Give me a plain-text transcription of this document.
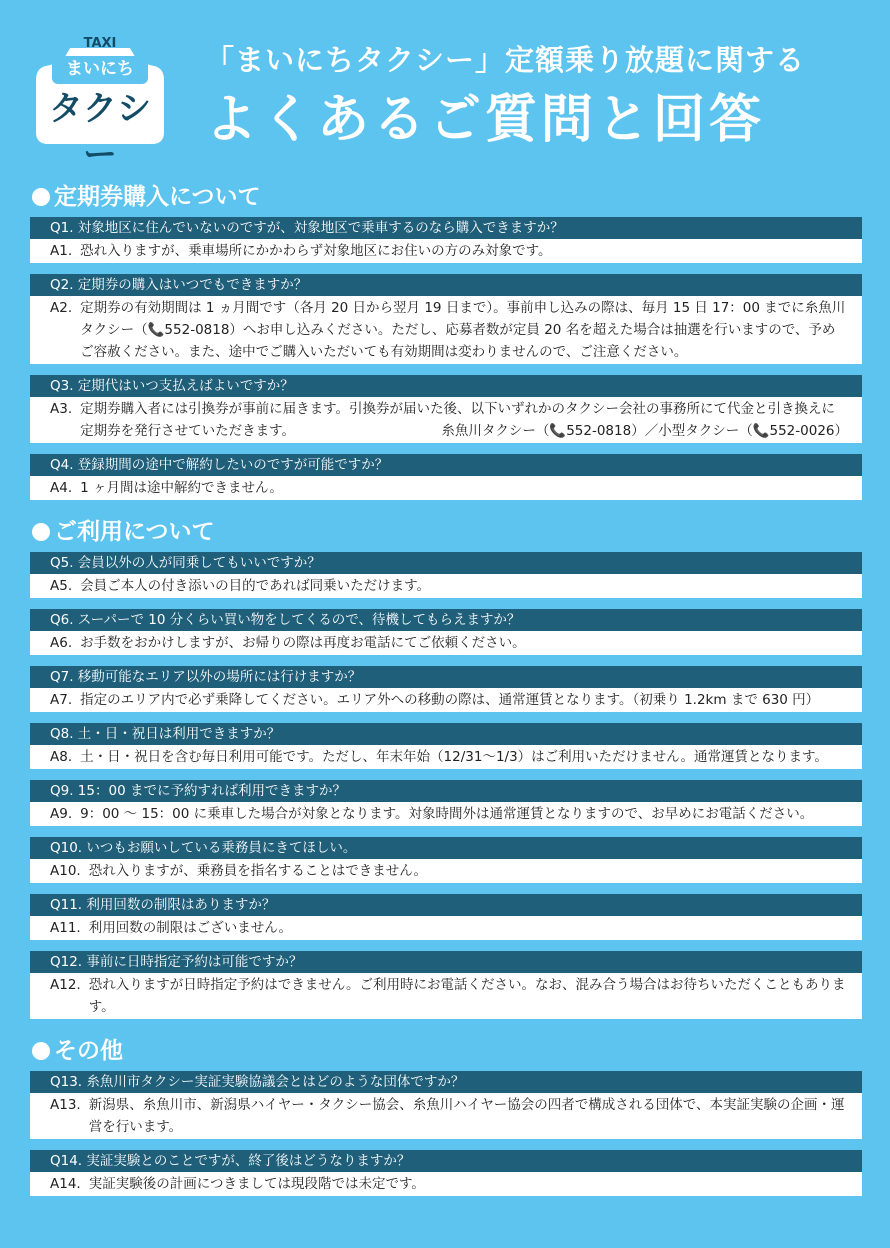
TAXI
まいにち
タクシー
「まいにちタクシー」定額乗り放題に関する
よくあるご質問と回答
定期券購入について
Q1. 対象地区に住んでいないのですが、対象地区で乗車するのなら購入できますか？
A1. 恐れ入りますが、乗車場所にかかわらず対象地区にお住いの方のみ対象です。
Q2. 定期券の購入はいつでもできますか？
A2. 定期券の有効期間は 1 ヵ月間です（各月 20 日から翌月 19 日まで）。事前申し込みの際は、毎月 15 日 17：00 までに糸魚川タクシー（📞552-0818）へお申し込みください。ただし、応募者数が定員 20 名を超えた場合は抽選を行いますので、予めご容赦ください。また、途中でご購入いただいても有効期間は変わりませんので、ご注意ください。
Q3. 定期代はいつ支払えばよいですか？
A3. 定期券購入者には引換券が事前に届きます。引換券が届いた後、以下いずれかのタクシー会社の事務所にて代金と引き換えに定期券を発行させていただきます。	糸魚川タクシー（📞552-0818）／小型タクシー（📞552-0026）
Q4. 登録期間の途中で解約したいのですが可能ですか？
A4. 1 ヶ月間は途中解約できません。
ご利用について
Q5. 会員以外の人が同乗してもいいですか？
A5. 会員ご本人の付き添いの目的であれば同乗いただけます。
Q6. スーパーで 10 分くらい買い物をしてくるので、待機してもらえますか？
A6. お手数をおかけしますが、お帰りの際は再度お電話にてご依頼ください。
Q7. 移動可能なエリア以外の場所には行けますか？
A7. 指定のエリア内で必ず乗降してください。エリア外への移動の際は、通常運賃となります。（初乗り 1.2km まで 630 円）
Q8. 土・日・祝日は利用できますか？
A8. 土・日・祝日を含む毎日利用可能です。ただし、年末年始（12/31～1/3）はご利用いただけません。通常運賃となります。
Q9. 15：00 までに予約すれば利用できますか？
A9. 9：00 ～ 15：00 に乗車した場合が対象となります。対象時間外は通常運賃となりますので、お早めにお電話ください。
Q10. いつもお願いしている乗務員にきてほしい。
A10. 恐れ入りますが、乗務員を指名することはできません。
Q11. 利用回数の制限はありますか？
A11. 利用回数の制限はございません。
Q12. 事前に日時指定予約は可能ですか？
A12. 恐れ入りますが日時指定予約はできません。ご利用時にお電話ください。なお、混み合う場合はお待ちいただくこともあります。
その他
Q13. 糸魚川市タクシー実証実験協議会とはどのような団体ですか？
A13. 新潟県、糸魚川市、新潟県ハイヤー・タクシー協会、糸魚川ハイヤー協会の四者で構成される団体で、本実証実験の企画・運営を行います。
Q14. 実証実験とのことですが、終了後はどうなりますか？
A14. 実証実験後の計画につきましては現段階では未定です。
